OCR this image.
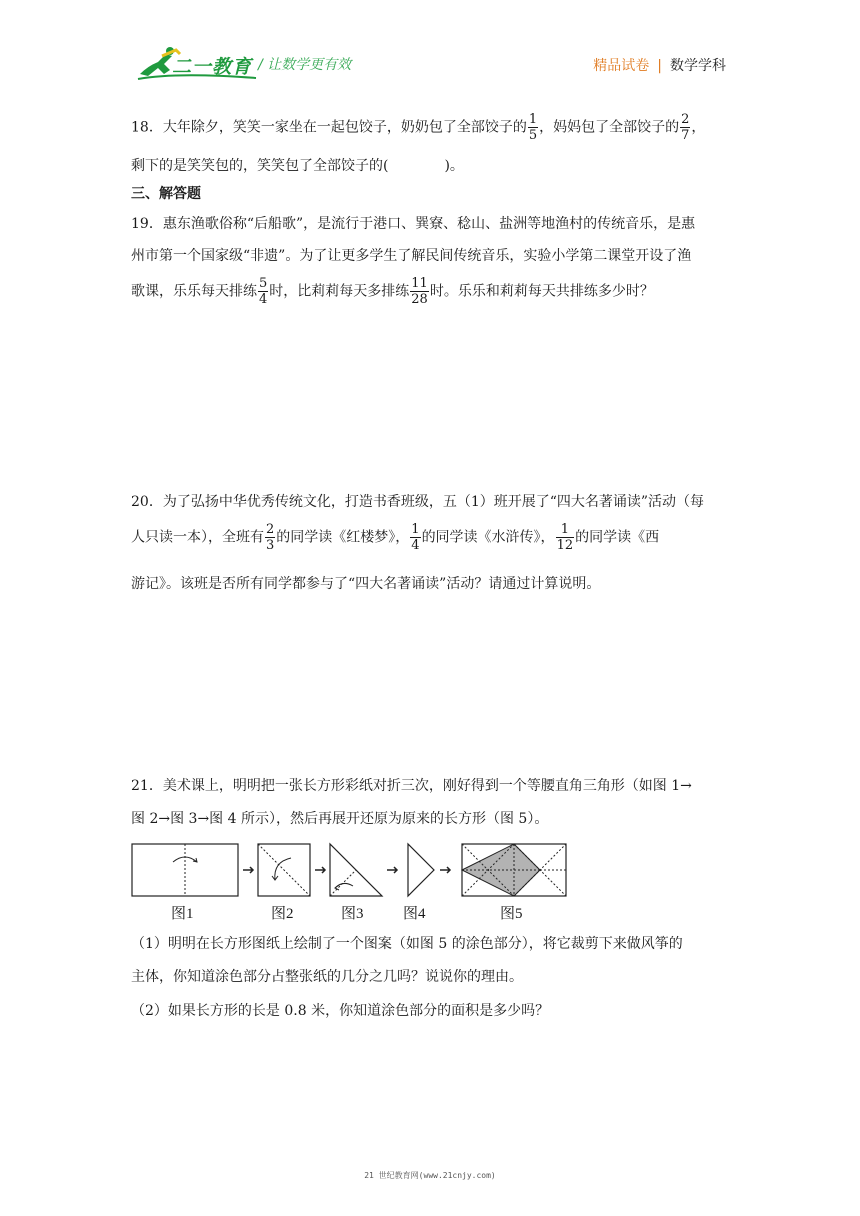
二一教育 / 让数学更有效	精品试卷 | 数学学科
18．大年除夕，笑笑一家坐在一起包饺子，奶奶包了全部饺子的 $\frac{1}{5}$ ，妈妈包了全部饺子的 $\frac{2}{7}$ ，
剩下的是笑笑包的，笑笑包了全部饺子的(　　　　)。
三、解答题
19．惠东渔歌俗称“后船歌”，是流行于港口、巽寮、稔山、盐洲等地渔村的传统音乐，是惠
州市第一个国家级“非遗”。为了让更多学生了解民间传统音乐，实验小学第二课堂开设了渔
歌课，乐乐每天排练 $\frac{5}{4}$ 时，比莉莉每天多排练 $\frac{11}{28}$ 时。乐乐和莉莉每天共排练多少时？
20．为了弘扬中华优秀传统文化，打造书香班级，五（1）班开展了“四大名著诵读”活动（每
人只读一本），全班有 $\frac{2}{3}$ 的同学读《红楼梦》， $\frac{1}{4}$ 的同学读《水浒传》， $\frac{1}{12}$ 的同学读《西
游记》。该班是否所有同学都参与了“四大名著诵读”活动？请通过计算说明。
21．美术课上，明明把一张长方形彩纸对折三次，刚好得到一个等腰直角三角形（如图 1→
图 2→图 3→图 4 所示），然后再展开还原为原来的长方形（图 5）。
（1）明明在长方形图纸上绘制了一个图案（如图 5 的涂色部分），将它裁剪下来做风筝的
主体，你知道涂色部分占整张纸的几分之几吗？说说你的理由。
（2）如果长方形的长是 0.8 米，你知道涂色部分的面积是多少吗？
图1	图2	图3	图4	图5
21 世纪教育网(www.21cnjy.com)
